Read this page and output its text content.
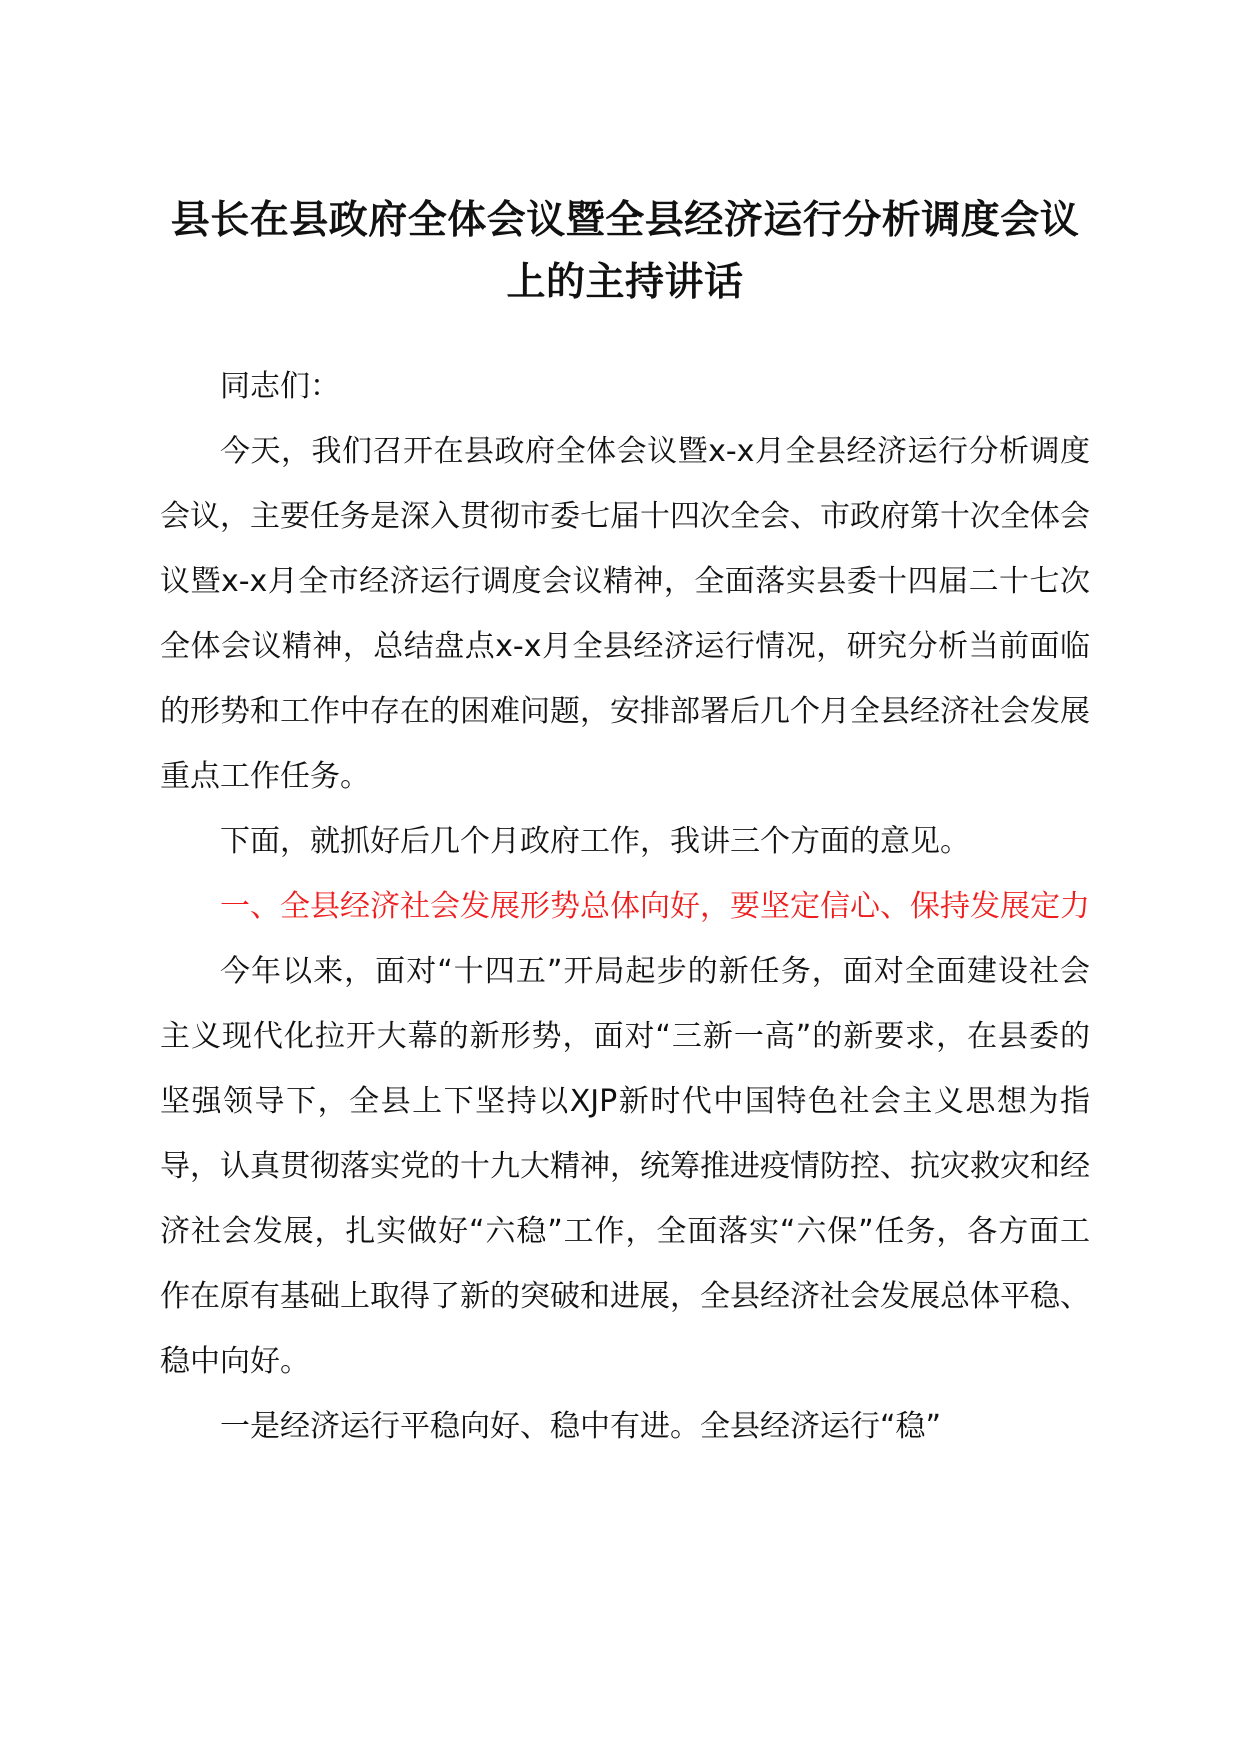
县长在县政府全体会议暨全县经济运行分析调度会议上的主持讲话

同志们：

今天，我们召开在县政府全体会议暨x-x月全县经济运行分析调度会议，主要任务是深入贯彻市委七届十四次全会、市政府第十次全体会议暨x-x月全市经济运行调度会议精神，全面落实县委十四届二十七次全体会议精神，总结盘点x-x月全县经济运行情况，研究分析当前面临的形势和工作中存在的困难问题，安排部署后几个月全县经济社会发展重点工作任务。

下面，就抓好后几个月政府工作，我讲三个方面的意见。

一、全县经济社会发展形势总体向好，要坚定信心、保持发展定力

今年以来，面对“十四五”开局起步的新任务，面对全面建设社会主义现代化拉开大幕的新形势，面对“三新一高”的新要求，在县委的坚强领导下，全县上下坚持以XJP新时代中国特色社会主义思想为指导，认真贯彻落实党的十九大精神，统筹推进疫情防控、抗灾救灾和经济社会发展，扎实做好“六稳”工作，全面落实“六保”任务，各方面工作在原有基础上取得了新的突破和进展，全县经济社会发展总体平稳、稳中向好。

一是经济运行平稳向好、稳中有进。全县经济运行“稳”
